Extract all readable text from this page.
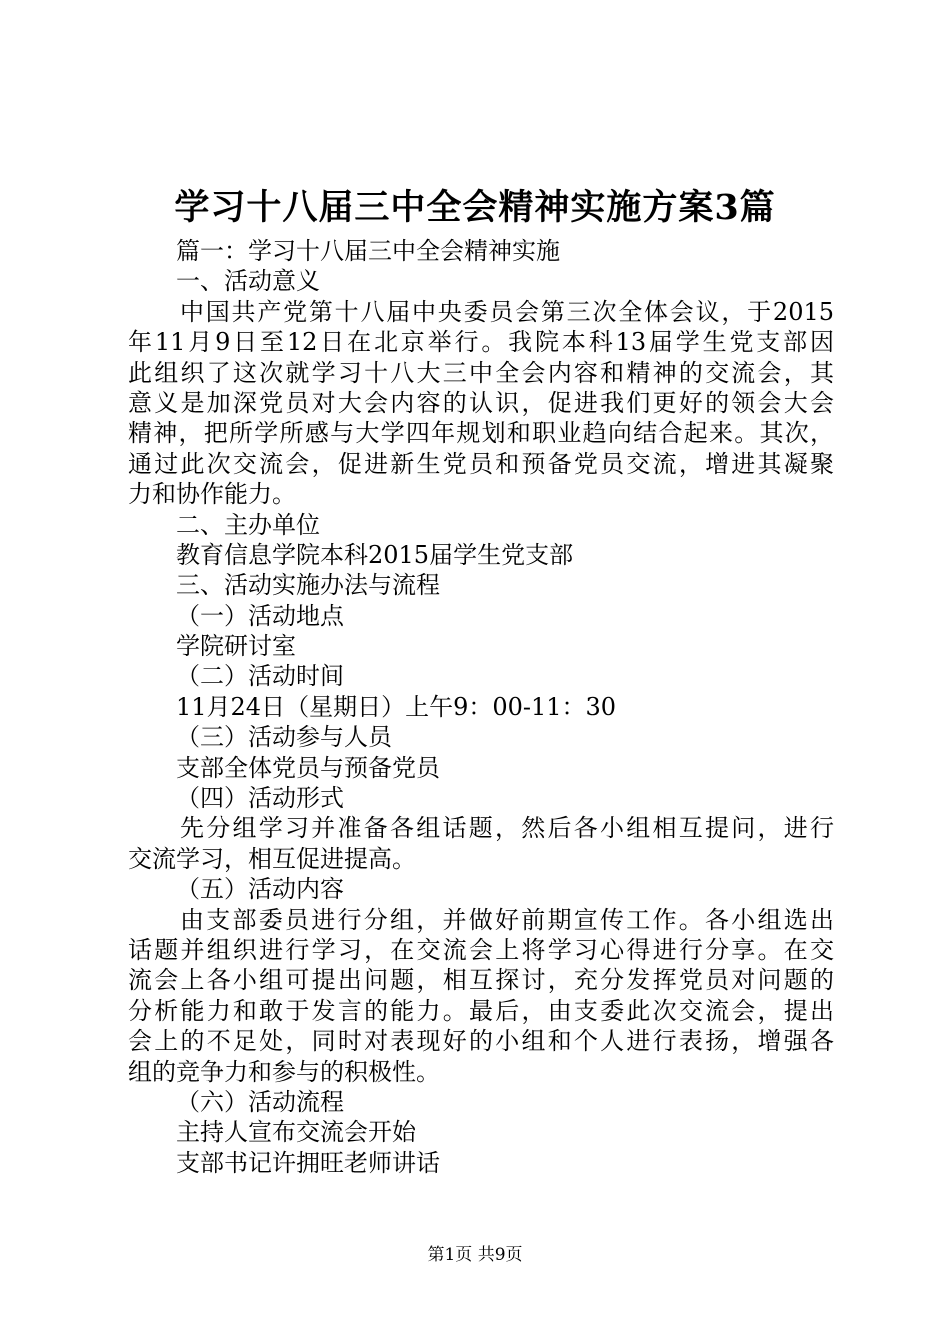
学习十八届三中全会精神实施方案3篇
篇一：学习十八届三中全会精神实施
一、活动意义
中国共产党第十八届中央委员会第三次全体会议，于2015
年11月9日至12日在北京举行。我院本科13届学生党支部因
此组织了这次就学习十八大三中全会内容和精神的交流会，其
意义是加深党员对大会内容的认识，促进我们更好的领会大会
精神，把所学所感与大学四年规划和职业趋向结合起来。其次，
通过此次交流会，促进新生党员和预备党员交流，增进其凝聚
力和协作能力。
二、主办单位
教育信息学院本科2015届学生党支部
三、活动实施办法与流程
（一）活动地点
学院研讨室
（二）活动时间
11月24日（星期日）上午9：00-11：30
（三）活动参与人员
支部全体党员与预备党员
（四）活动形式
先分组学习并准备各组话题，然后各小组相互提问，进行
交流学习，相互促进提高。
（五）活动内容
由支部委员进行分组，并做好前期宣传工作。各小组选出
话题并组织进行学习，在交流会上将学习心得进行分享。在交
流会上各小组可提出问题，相互探讨，充分发挥党员对问题的
分析能力和敢于发言的能力。最后，由支委此次交流会，提出
会上的不足处，同时对表现好的小组和个人进行表扬，增强各
组的竞争力和参与的积极性。
（六）活动流程
主持人宣布交流会开始
支部书记许拥旺老师讲话
第1页 共9页
